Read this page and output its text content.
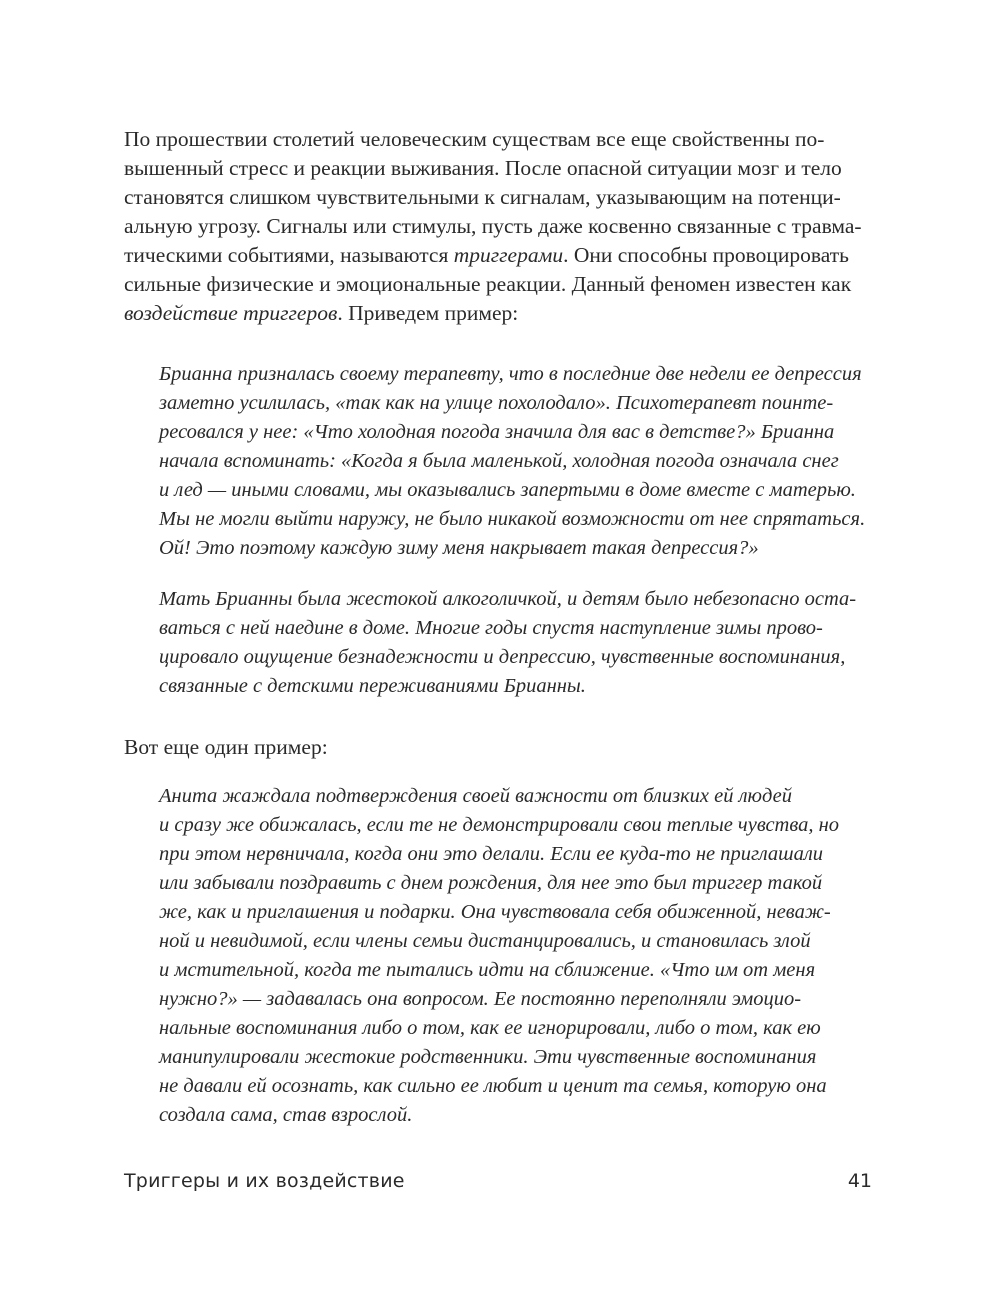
По прошествии столетий человеческим существам все еще свойственны по-
вышенный стресс и реакции выживания. После опасной ситуации мозг и тело
становятся слишком чувствительными к сигналам, указывающим на потенци-
альную угрозу. Сигналы или стимулы, пусть даже косвенно связанные с травма-
тическими событиями, называются триггерами. Они способны провоцировать
сильные физические и эмоциональные реакции. Данный феномен известен как
воздействие триггеров. Приведем пример:
Брианна призналась своему терапевту, что в последние две недели ее депрессия
заметно усилилась, «так как на улице похолодало». Психотерапевт поинте-
ресовался у нее: «Что холодная погода значила для вас в детстве?» Брианна
начала вспоминать: «Когда я была маленькой, холодная погода означала снег
и лед — иными словами, мы оказывались запертыми в доме вместе с матерью.
Мы не могли выйти наружу, не было никакой возможности от нее спрятаться.
Ой! Это поэтому каждую зиму меня накрывает такая депрессия?»
Мать Брианны была жестокой алкоголичкой, и детям было небезопасно оста-
ваться с ней наедине в доме. Многие годы спустя наступление зимы прово-
цировало ощущение безнадежности и депрессию, чувственные воспоминания,
связанные с детскими переживаниями Брианны.
Вот еще один пример:
Анита жаждала подтверждения своей важности от близких ей людей
и сразу же обижалась, если те не демонстрировали свои теплые чувства, но
при этом нервничала, когда они это делали. Если ее куда-то не приглашали
или забывали поздравить с днем рождения, для нее это был триггер такой
же, как и приглашения и подарки. Она чувствовала себя обиженной, неваж-
ной и невидимой, если члены семьи дистанцировались, и становилась злой
и мстительной, когда те пытались идти на сближение. «Что им от меня
нужно?» — задавалась она вопросом. Ее постоянно переполняли эмоцио-
нальные воспоминания либо о том, как ее игнорировали, либо о том, как ею
манипулировали жестокие родственники. Эти чувственные воспоминания
не давали ей осознать, как сильно ее любит и ценит та семья, которую она
создала сама, став взрослой.
Триггеры и их воздействие	41
